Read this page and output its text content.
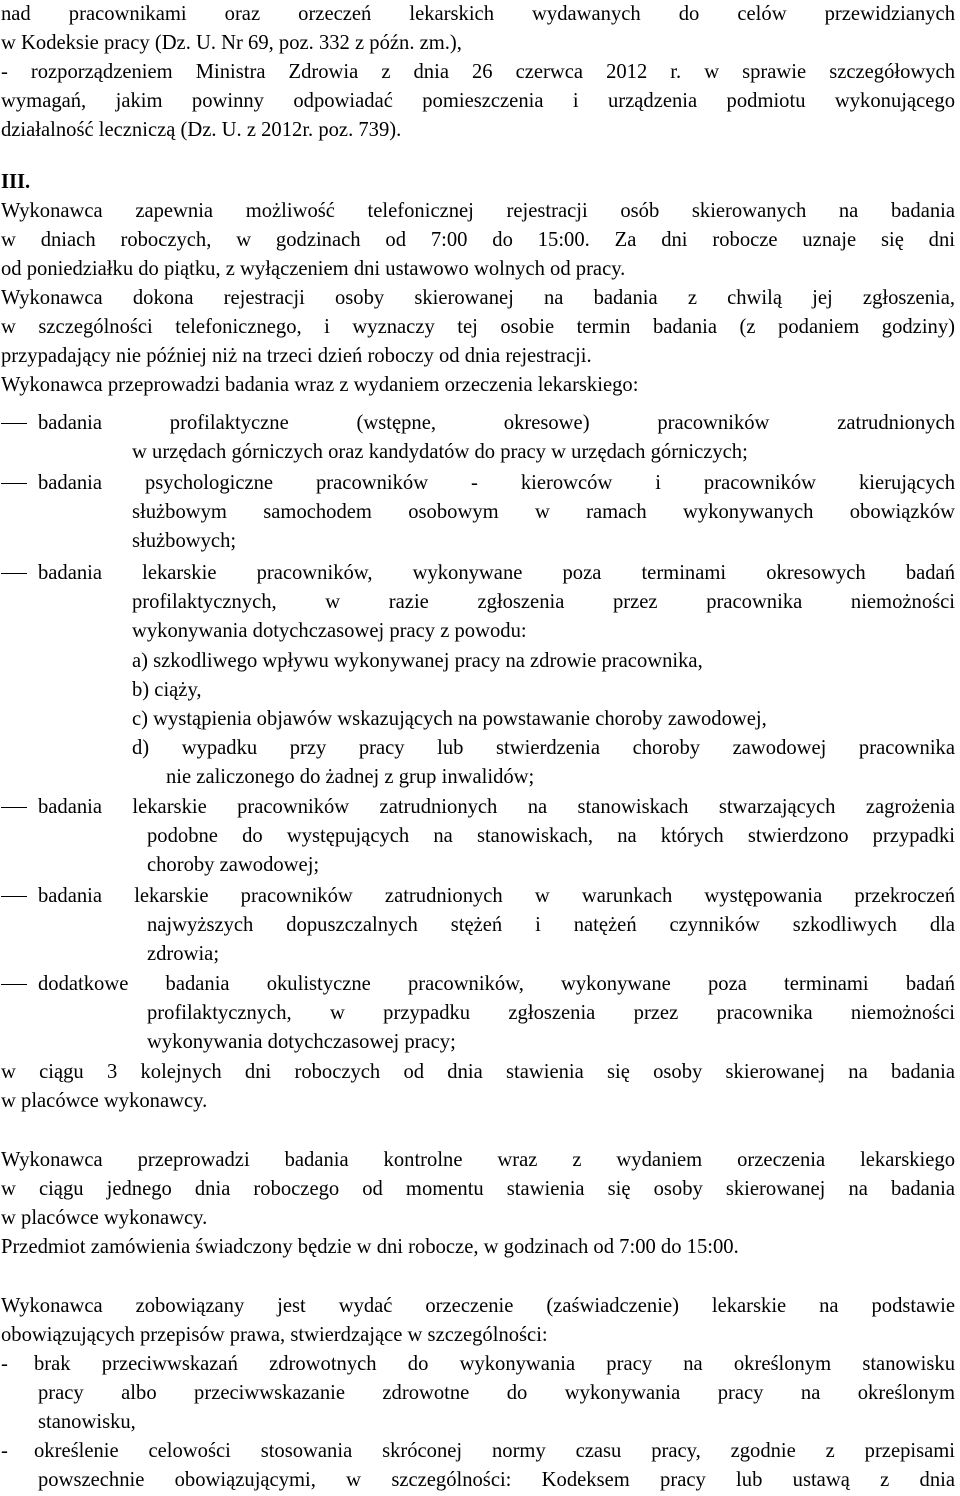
nad pracownikami oraz orzeczeń lekarskich wydawanych do celów przewidzianych

w Kodeksie pracy (Dz. U. Nr 69, poz. 332 z późn. zm.),

- rozporządzeniem Ministra Zdrowia z dnia 26 czerwca 2012 r. w sprawie szczegółowych

wymagań, jakim powinny odpowiadać pomieszczenia i urządzenia podmiotu wykonującego

działalność leczniczą (Dz. U. z 2012r. poz. 739).

III.

Wykonawca zapewnia możliwość telefonicznej rejestracji osób skierowanych na badania

w dniach roboczych, w godzinach od 7:00 do 15:00. Za dni robocze uznaje się dni

od poniedziałku do piątku, z wyłączeniem dni ustawowo wolnych od pracy.

Wykonawca dokona rejestracji osoby skierowanej na badania z chwilą jej zgłoszenia,

w szczególności telefonicznego, i wyznaczy tej osobie termin badania (z podaniem godziny)

przypadający nie później niż na trzeci dzień roboczy od dnia rejestracji.

Wykonawca przeprowadzi badania wraz z wydaniem orzeczenia lekarskiego:

badania profilaktyczne (wstępne, okresowe) pracowników zatrudnionych

w urzędach górniczych oraz kandydatów do pracy w urzędach górniczych;

badania psychologiczne pracowników - kierowców i pracowników kierujących

służbowym samochodem osobowym w ramach wykonywanych obowiązków

służbowych;

badania lekarskie pracowników, wykonywane poza terminami okresowych badań

profilaktycznych, w razie zgłoszenia przez pracownika niemożności

wykonywania dotychczasowej pracy z powodu:

a) szkodliwego wpływu wykonywanej pracy na zdrowie pracownika,

b) ciąży,

c) wystąpienia objawów wskazujących na powstawanie choroby zawodowej,

d) wypadku przy pracy lub stwierdzenia choroby zawodowej pracownika

nie zaliczonego do żadnej z grup inwalidów;

badania lekarskie pracowników zatrudnionych na stanowiskach stwarzających zagrożenia

podobne do występujących na stanowiskach, na których stwierdzono przypadki

choroby zawodowej;

badania lekarskie pracowników zatrudnionych w warunkach występowania przekroczeń

najwyższych dopuszczalnych stężeń i natężeń czynników szkodliwych dla

zdrowia;

dodatkowe badania okulistyczne pracowników, wykonywane poza terminami badań

profilaktycznych, w przypadku zgłoszenia przez pracownika niemożności

wykonywania dotychczasowej pracy;

w ciągu 3 kolejnych dni roboczych od dnia stawienia się osoby skierowanej na badania

w placówce wykonawcy.

Wykonawca przeprowadzi badania kontrolne wraz z wydaniem orzeczenia lekarskiego

w ciągu jednego dnia roboczego od momentu stawienia się osoby skierowanej na badania

w placówce wykonawcy.

Przedmiot zamówienia świadczony będzie w dni robocze, w godzinach od 7:00 do 15:00.

Wykonawca zobowiązany jest wydać orzeczenie (zaświadczenie) lekarskie na podstawie

obowiązujących przepisów prawa, stwierdzające w szczególności:

- brak przeciwwskazań zdrowotnych do wykonywania pracy na określonym stanowisku

pracy albo przeciwwskazanie zdrowotne do wykonywania pracy na określonym

stanowisku,

- określenie celowości stosowania skróconej normy czasu pracy, zgodnie z przepisami

powszechnie obowiązującymi, w szczególności: Kodeksem pracy lub ustawą z dnia
